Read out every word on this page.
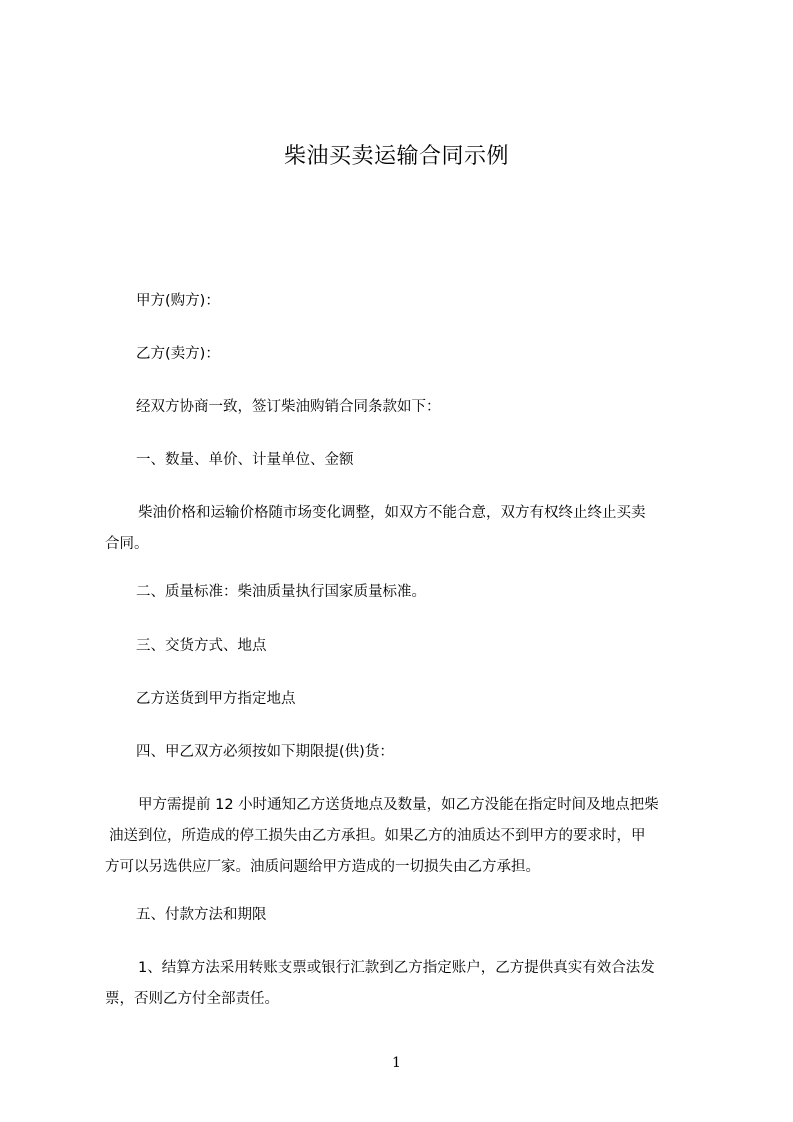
柴油买卖运输合同示例
甲方(购方)：
乙方(卖方)：
经双方协商一致，签订柴油购销合同条款如下：
一、数量、单价、计量单位、金额
柴油价格和运输价格随市场变化调整，如双方不能合意，双方有权终止终止买卖
合同。
二、质量标准：柴油质量执行国家质量标准。
三、交货方式、地点
乙方送货到甲方指定地点
四、甲乙双方必须按如下期限提(供)货：
甲方需提前 12 小时通知乙方送货地点及数量，如乙方没能在指定时间及地点把柴
油送到位，所造成的停工损失由乙方承担。如果乙方的油质达不到甲方的要求时，甲
方可以另选供应厂家。油质问题给甲方造成的一切损失由乙方承担。
五、付款方法和期限
1、结算方法采用转账支票或银行汇款到乙方指定账户，乙方提供真实有效合法发
票，否则乙方付全部责任。
1
